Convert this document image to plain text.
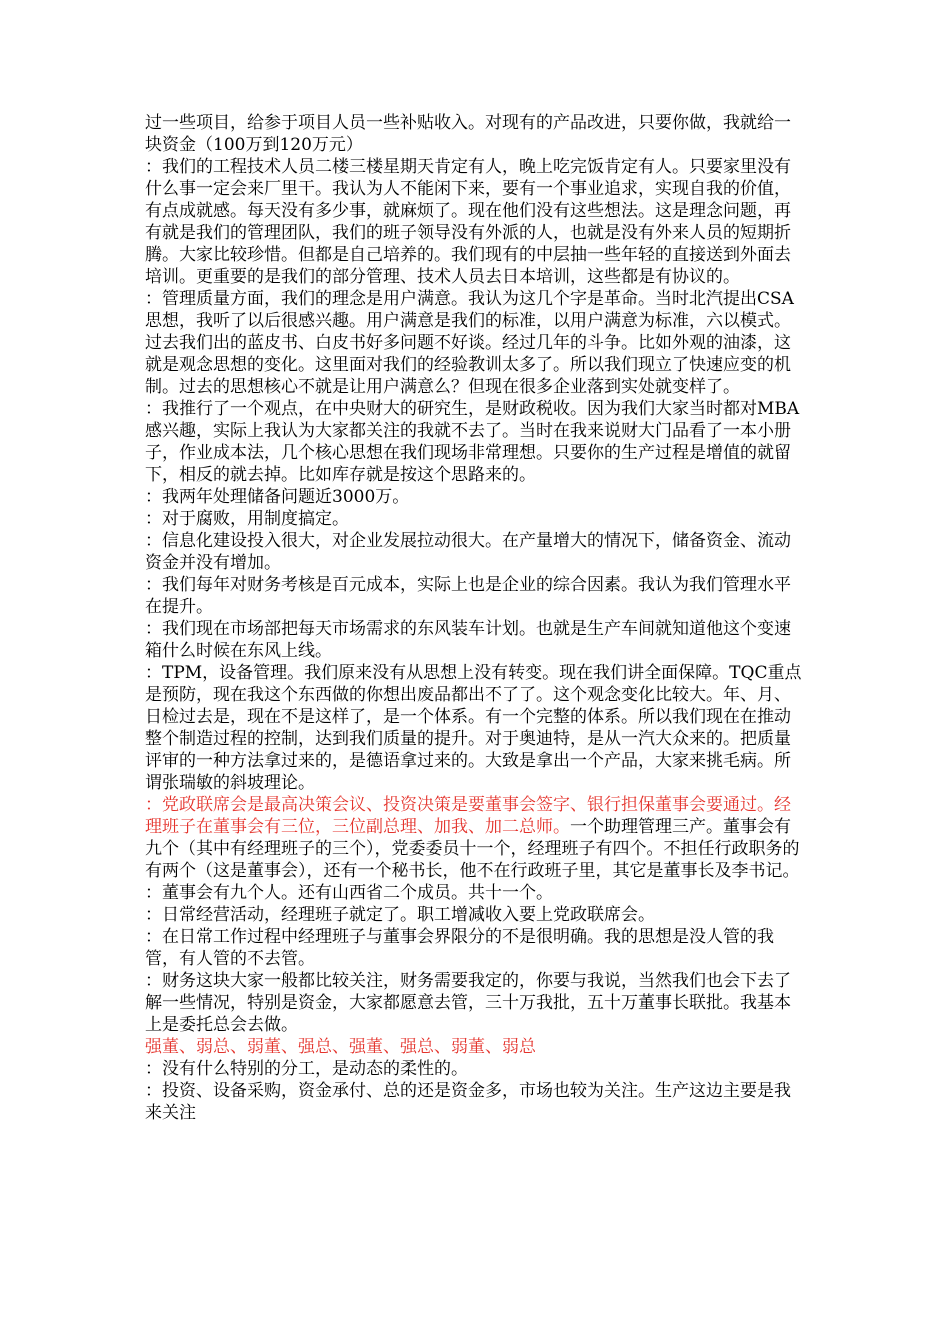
过一些项目，给参于项目人员一些补贴收入。对现有的产品改进，只要你做，我就给一块资金（100万到120万元）

：我们的工程技术人员二楼三楼星期天肯定有人，晚上吃完饭肯定有人。只要家里没有什么事一定会来厂里干。我认为人不能闲下来，要有一个事业追求，实现自我的价值，有点成就感。每天没有多少事，就麻烦了。现在他们没有这些想法。这是理念问题，再有就是我们的管理团队，我们的班子领导没有外派的人，也就是没有外来人员的短期折腾。大家比较珍惜。但都是自己培养的。我们现有的中层抽一些年轻的直接送到外面去培训。更重要的是我们的部分管理、技术人员去日本培训，这些都是有协议的。

：管理质量方面，我们的理念是用户满意。我认为这几个字是革命。当时北汽提出CSA思想，我听了以后很感兴趣。用户满意是我们的标准，以用户满意为标准，六以模式。过去我们出的蓝皮书、白皮书好多问题不好谈。经过几年的斗争。比如外观的油漆，这就是观念思想的变化。这里面对我们的经验教训太多了。所以我们现立了快速应变的机制。过去的思想核心不就是让用户满意么？但现在很多企业落到实处就变样了。

：我推行了一个观点，在中央财大的研究生，是财政税收。因为我们大家当时都对MBA感兴趣，实际上我认为大家都关注的我就不去了。当时在我来说财大门品看了一本小册子，作业成本法，几个核心思想在我们现场非常理想。只要你的生产过程是增值的就留下，相反的就去掉。比如库存就是按这个思路来的。

：我两年处理储备问题近3000万。

：对于腐败，用制度搞定。

：信息化建设投入很大，对企业发展拉动很大。在产量增大的情况下，储备资金、流动资金并没有增加。

：我们每年对财务考核是百元成本，实际上也是企业的综合因素。我认为我们管理水平在提升。

：我们现在市场部把每天市场需求的东风装车计划。也就是生产车间就知道他这个变速箱什么时候在东风上线。

：TPM，设备管理。我们原来没有从思想上没有转变。现在我们讲全面保障。TQC重点是预防，现在我这个东西做的你想出废品都出不了了。这个观念变化比较大。年、月、日检过去是，现在不是这样了，是一个体系。有一个完整的体系。所以我们现在在推动整个制造过程的控制，达到我们质量的提升。对于奥迪特，是从一汽大众来的。把质量评审的一种方法拿过来的，是德语拿过来的。大致是拿出一个产品，大家来挑毛病。所谓张瑞敏的斜坡理论。

：党政联席会是最高决策会议、投资决策是要董事会签字、银行担保董事会要通过。经理班子在董事会有三位，三位副总理、加我、加二总师。一个助理管理三产。董事会有九个（其中有经理班子的三个），党委委员十一个，经理班子有四个。不担任行政职务的有两个（这是董事会），还有一个秘书长，他不在行政班子里，其它是董事长及李书记。

：董事会有九个人。还有山西省二个成员。共十一个。

：日常经营活动，经理班子就定了。职工增减收入要上党政联席会。

：在日常工作过程中经理班子与董事会界限分的不是很明确。我的思想是没人管的我管，有人管的不去管。

：财务这块大家一般都比较关注，财务需要我定的，你要与我说，当然我们也会下去了解一些情况，特别是资金，大家都愿意去管，三十万我批，五十万董事长联批。我基本上是委托总会去做。

强董、弱总、弱董、强总、强董、强总、弱董、弱总

：没有什么特别的分工，是动态的柔性的。

：投资、设备采购，资金承付、总的还是资金多，市场也较为关注。生产这边主要是我来关注
